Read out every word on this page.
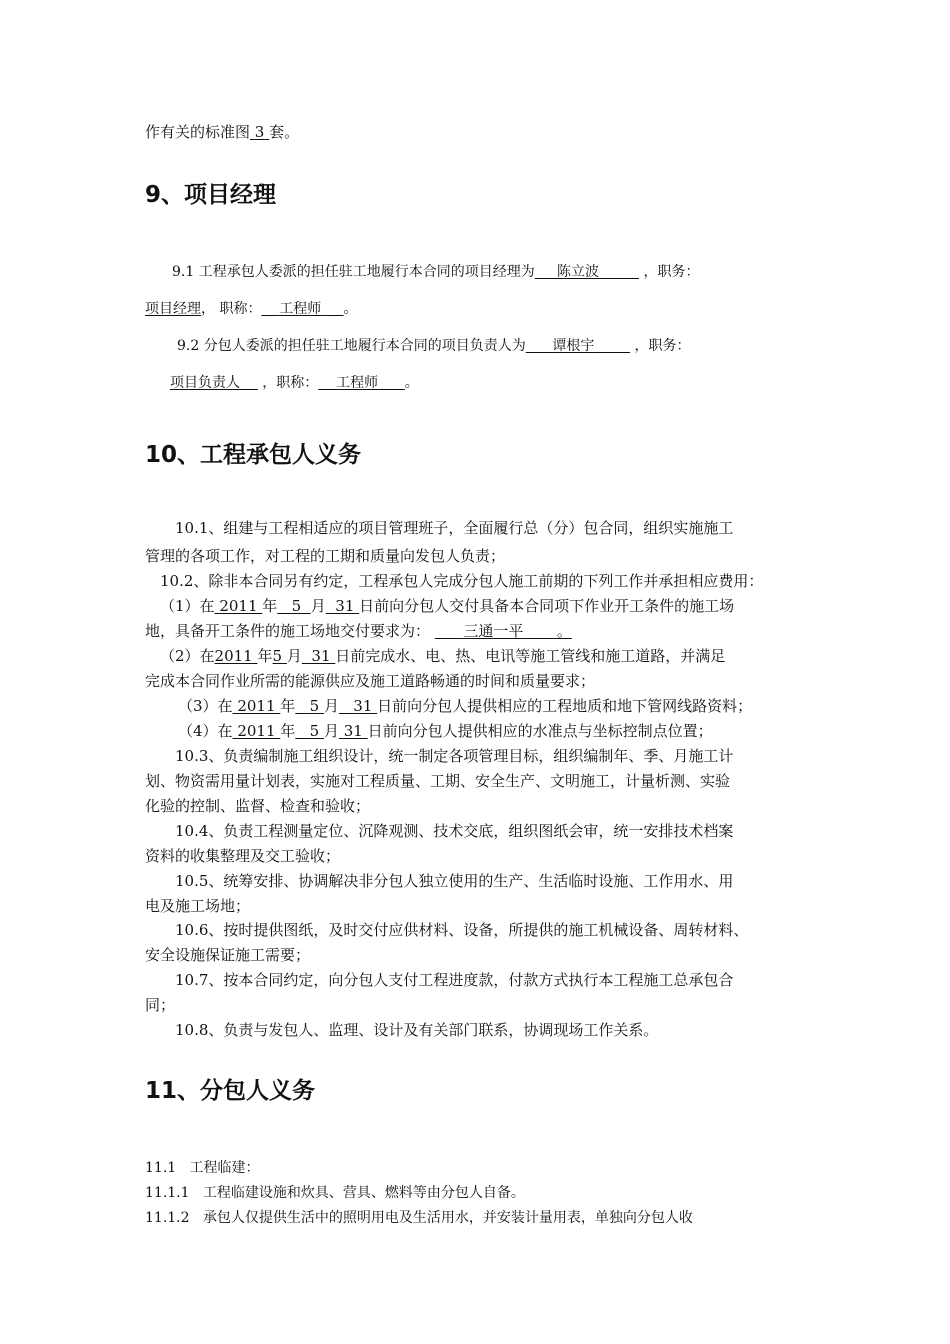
作有关的标准图 3 套。
9、项目经理
9.1 工程承包人委派的担任驻工地履行本合同的项目经理为 陈立波	，职务：
项目经理， 职称： 工程师 。
9.2 分包人委派的担任驻工地履行本合同的项目负责人为 谭根宇	，职务：
项目负责人 ，职称： 工程师 。
10、工程承包人义务
10.1、组建与工程相适应的项目管理班子，全面履行总（分）包合同，组织实施施工
管理的各项工作，对工程的工期和质量向发包人负责；
10.2、除非本合同另有约定，工程承包人完成分包人施工前期的下列工作并承担相应费用：
（1）在 2011 年 5 月 31 日前向分包人交付具备本合同项下作业开工条件的施工场
地，具备开工条件的施工场地交付要求为： 三通一平 。
（2）在2011 年5 月 31 日前完成水、电、热、电讯等施工管线和施工道路，并满足
完成本合同作业所需的能源供应及施工道路畅通的时间和质量要求；
（3）在 2011 年 5 月 31 日前向分包人提供相应的工程地质和地下管网线路资料；
（4）在 2011 年 5 月 31 日前向分包人提供相应的水准点与坐标控制点位置；
10.3、负责编制施工组织设计，统一制定各项管理目标，组织编制年、季、月施工计
划、物资需用量计划表，实施对工程质量、工期、安全生产、文明施工，计量析测、实验
化验的控制、监督、检查和验收；
10.4、负责工程测量定位、沉降观测、技术交底，组织图纸会审，统一安排技术档案
资料的收集整理及交工验收；
10.5、统筹安排、协调解决非分包人独立使用的生产、生活临时设施、工作用水、用
电及施工场地；
10.6、按时提供图纸，及时交付应供材料、设备，所提供的施工机械设备、周转材料、
安全设施保证施工需要；
10.7、按本合同约定，向分包人支付工程进度款，付款方式执行本工程施工总承包合
同；
10.8、负责与发包人、监理、设计及有关部门联系，协调现场工作关系。
11、分包人义务
11.1   工程临建：
11.1.1   工程临建设施和炊具、营具、燃料等由分包人自备。
11.1.2   承包人仅提供生活中的照明用电及生活用水，并安装计量用表，单独向分包人收
